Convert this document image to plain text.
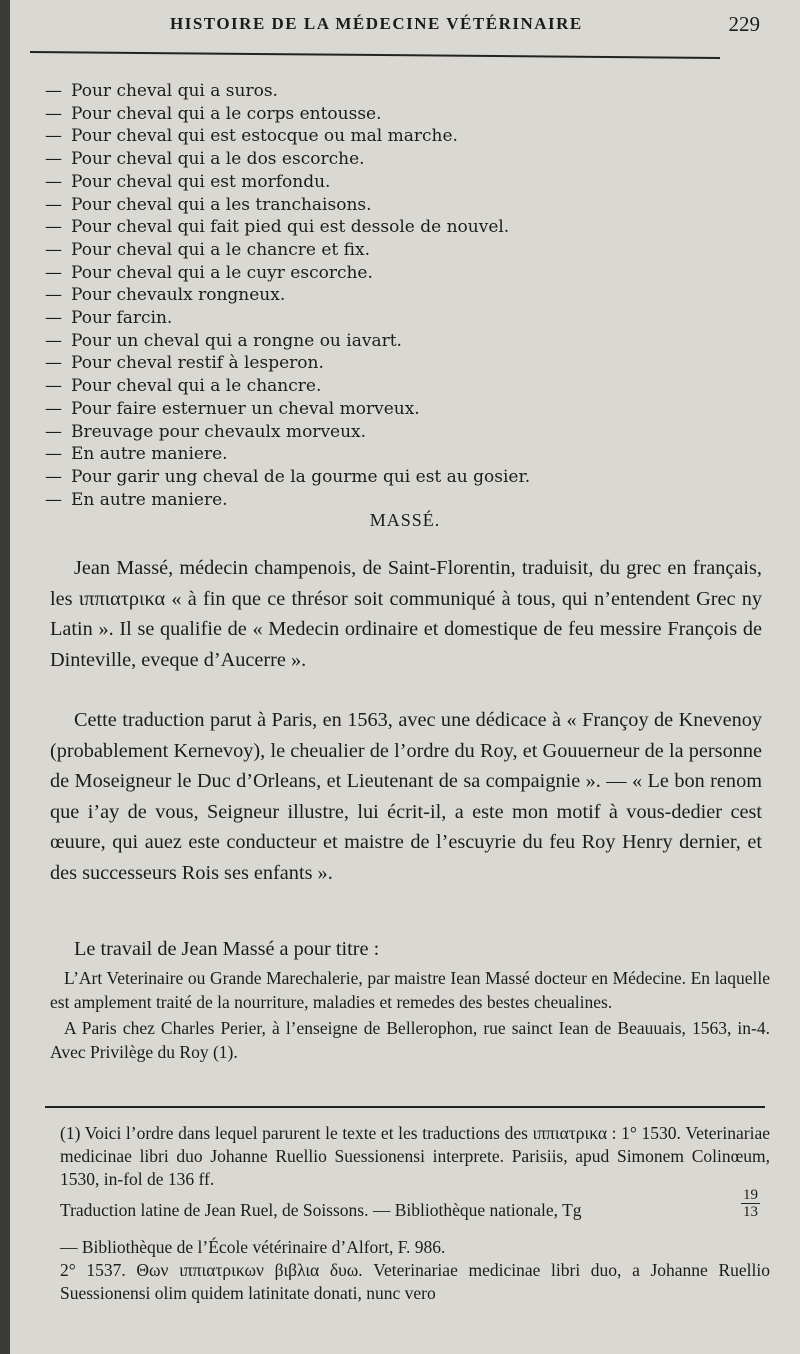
HISTOIRE DE LA MÉDECINE VÉTÉRINAIRE	229
— Pour cheval qui a suros.
— Pour cheval qui a le corps entousse.
— Pour cheval qui est estocque ou mal marche.
— Pour cheval qui a le dos escorche.
— Pour cheval qui est morfondu.
— Pour cheval qui a les tranchaisons.
— Pour cheval qui fait pied qui est dessole de nouvel.
— Pour cheval qui a le chancre et fix.
— Pour cheval qui a le cuyr escorche.
— Pour chevaulx rongneux.
— Pour farcin.
— Pour un cheval qui a rongne ou iavart.
— Pour cheval restif à lesperon.
— Pour cheval qui a le chancre.
— Pour faire esternuer un cheval morveux.
— Breuvage pour chevaulx morveux.
— En autre maniere.
— Pour garir ung cheval de la gourme qui est au gosier.
— En autre maniere.
MASSÉ.

Jean Massé, médecin champenois, de Saint-Florentin, traduisit, du grec en français, les ιππιατρικα « à fin que ce thrésor soit communiqué à tous, qui n’entendent Grec ny Latin ». Il se qualifie de « Medecin ordinaire et domestique de feu messire François de Dinteville, eveque d’Aucerre ».

Cette traduction parut à Paris, en 1563, avec une dédicace à « Françoy de Knevenoy (probablement Kernevoy), le cheualier de l’ordre du Roy, et Gouuerneur de la personne de Moseigneur le Duc d’Orleans, et Lieutenant de sa compaignie ». — « Le bon renom que i’ay de vous, Seigneur illustre, lui écrit-il, a este mon motif à vous-dedier cest œuure, qui auez este conducteur et maistre de l’escuyrie du feu Roy Henry dernier, et des successeurs Rois ses enfants ».

Le travail de Jean Massé a pour titre :

L’Art Veterinaire ou Grande Marechalerie, par maistre Iean Massé docteur en Médecine. En laquelle est amplement traité de la nourriture, maladies et remedes des bestes cheualines.

A Paris chez Charles Perier, à l’enseigne de Bellerophon, rue sainct Iean de Beauuais, 1563, in-4. Avec Privilège du Roy (1).

(1) Voici l’ordre dans lequel parurent le texte et les traductions des ιππιατρικα : 1° 1530. Veterinariae medicinae libri duo Johanne Ruellio Suessionensi interprete. Parisiis, apud Simonem Colinœum, 1530, in-fol de 136 ff.

Traduction latine de Jean Ruel, de Soissons. — Bibliothèque nationale, Tg	$\frac{19}{13}$

— Bibliothèque de l’École vétérinaire d’Alfort, F. 986.

2° 1537. Θων ιππιατρικων βιβλια δυω. Veterinariae medicinae libri duo, a Johanne Ruellio Suessionensi olim quidem latinitate donati, nunc vero
